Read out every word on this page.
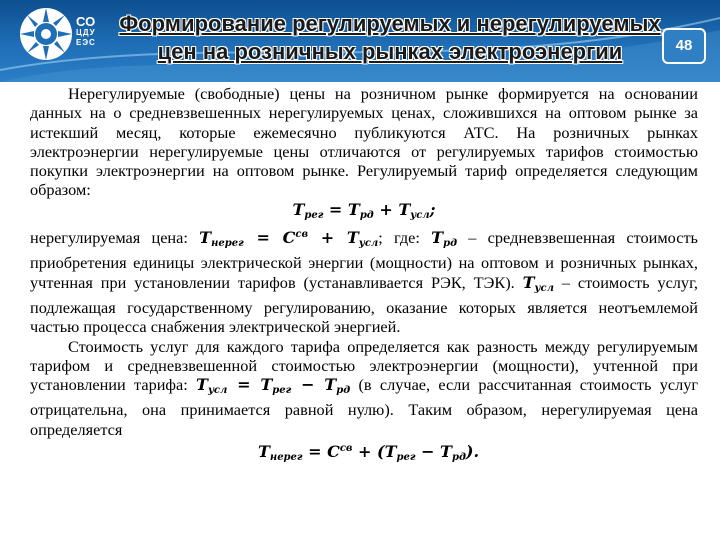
СО
ЦДУ
ЕЭС
Формирование регулируемых и нерегулируемых
цен на розничных рынках электроэнергии	48

Нерегулируемые (свободные) цены на розничном рынке формируется на основании данных на о средневзвешенных нерегулируемых ценах, сложившихся на оптовом рынке за истекший месяц, которые ежемесячно публикуются АТС. На розничных рынках электроэнергии нерегулируемые цены отличаются от регулируемых тарифов стоимостью покупки электроэнергии на оптовом рынке. Регулируемый тариф определяется следующим образом:

$T_{рег} = T_{рд} + T_{усл}$;

нерегулируемая цена: $T_{нерег} = C^{св} + T_{усл}$; где: $T_{рд}$ – средневзвешенная стоимость приобретения единицы электрической энергии (мощности) на оптовом и розничных рынках, учтенная при установлении тарифов (устанавливается РЭК, ТЭК). $T_{усл}$ – стоимость услуг, подлежащая государственному регулированию, оказание которых является неотъемлемой частью процесса снабжения электрической энергией.

Стоимость услуг для каждого тарифа определяется как разность между регулируемым тарифом и средневзвешенной стоимостью электроэнергии (мощности), учтенной при установлении тарифа: $T_{усл} = T_{рег} - T_{рд}$ (в случае, если рассчитанная стоимость услуг отрицательна, она принимается равной нулю). Таким образом, нерегулируемая цена определяется

$T_{нерег} = C^{св} + (T_{рег} - T_{рд})$.
